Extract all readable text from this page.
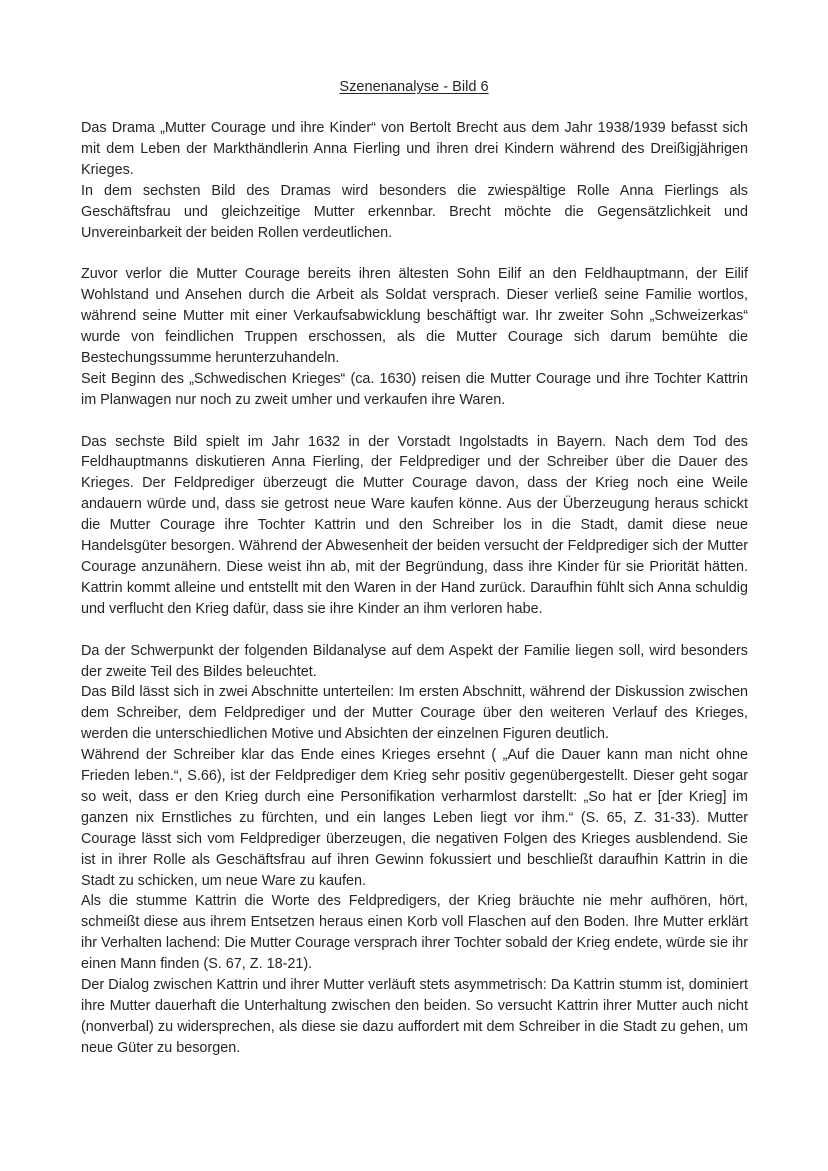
Szenenanalyse - Bild 6

Das Drama „Mutter Courage und ihre Kinder“ von Bertolt Brecht aus dem Jahr 1938/1939 befasst sich mit dem Leben der Markthändlerin Anna Fierling und ihren drei Kindern während des Dreißigjährigen Krieges.

In dem sechsten Bild des Dramas wird besonders die zwiespältige Rolle Anna Fierlings als Geschäftsfrau und gleichzeitige Mutter erkennbar. Brecht möchte die Gegensätzlichkeit und Unvereinbarkeit der beiden Rollen verdeutlichen.

Zuvor verlor die Mutter Courage bereits ihren ältesten Sohn Eilif an den Feldhauptmann, der Eilif Wohlstand und Ansehen durch die Arbeit als Soldat versprach. Dieser verließ seine Familie wortlos, während seine Mutter mit einer Verkaufsabwicklung beschäftigt war. Ihr zweiter Sohn „Schweizerkas“ wurde von feindlichen Truppen erschossen, als die Mutter Courage sich darum bemühte die Bestechungssumme herunterzuhandeln.

Seit Beginn des „Schwedischen Krieges“ (ca. 1630) reisen die Mutter Courage und ihre Tochter Kattrin im Planwagen nur noch zu zweit umher und verkaufen ihre Waren.

Das sechste Bild spielt im Jahr 1632 in der Vorstadt Ingolstadts in Bayern. Nach dem Tod des Feldhauptmanns diskutieren Anna Fierling, der Feldprediger und der Schreiber über die Dauer des Krieges. Der Feldprediger überzeugt die Mutter Courage davon, dass der Krieg noch eine Weile andauern würde und, dass sie getrost neue Ware kaufen könne. Aus der Überzeugung heraus schickt die Mutter Courage ihre Tochter Kattrin und den Schreiber los in die Stadt, damit diese neue Handelsgüter besorgen. Während der Abwesenheit der beiden versucht der Feldprediger sich der Mutter Courage anzunähern. Diese weist ihn ab, mit der Begründung, dass ihre Kinder für sie Priorität hätten. Kattrin kommt alleine und entstellt mit den Waren in der Hand zurück. Daraufhin fühlt sich Anna schuldig und verflucht den Krieg dafür, dass sie ihre Kinder an ihm verloren habe.

Da der Schwerpunkt der folgenden Bildanalyse auf dem Aspekt der Familie liegen soll, wird besonders der zweite Teil des Bildes beleuchtet.

Das Bild lässt sich in zwei Abschnitte unterteilen: Im ersten Abschnitt, während der Diskussion zwischen dem Schreiber, dem Feldprediger und der Mutter Courage über den weiteren Verlauf des Krieges, werden die unterschiedlichen Motive und Absichten der einzelnen Figuren deutlich.

Während der Schreiber klar das Ende eines Krieges ersehnt ( „Auf die Dauer kann man nicht ohne Frieden leben.“, S.66), ist der Feldprediger dem Krieg sehr positiv gegenübergestellt. Dieser geht sogar so weit, dass er den Krieg durch eine Personifikation verharmlost darstellt: „So hat er [der Krieg] im ganzen nix Ernstliches zu fürchten, und ein langes Leben liegt vor ihm.“ (S. 65, Z. 31-33). Mutter Courage lässt sich vom Feldprediger überzeugen, die negativen Folgen des Krieges ausblendend. Sie ist in ihrer Rolle als Geschäftsfrau auf ihren Gewinn fokussiert und beschließt daraufhin Kattrin in die Stadt zu schicken, um neue Ware zu kaufen.

Als die stumme Kattrin die Worte des Feldpredigers, der Krieg bräuchte nie mehr aufhören, hört, schmeißt diese aus ihrem Entsetzen heraus einen Korb voll Flaschen auf den Boden. Ihre Mutter erklärt ihr Verhalten lachend: Die Mutter Courage versprach ihrer Tochter sobald der Krieg endete, würde sie ihr einen Mann finden (S. 67, Z. 18-21).

Der Dialog zwischen Kattrin und ihrer Mutter verläuft stets asymmetrisch: Da Kattrin stumm ist, dominiert ihre Mutter dauerhaft die Unterhaltung zwischen den beiden. So versucht Kattrin ihrer Mutter auch nicht (nonverbal) zu widersprechen, als diese sie dazu auffordert mit dem Schreiber in die Stadt zu gehen, um neue Güter zu besorgen.
